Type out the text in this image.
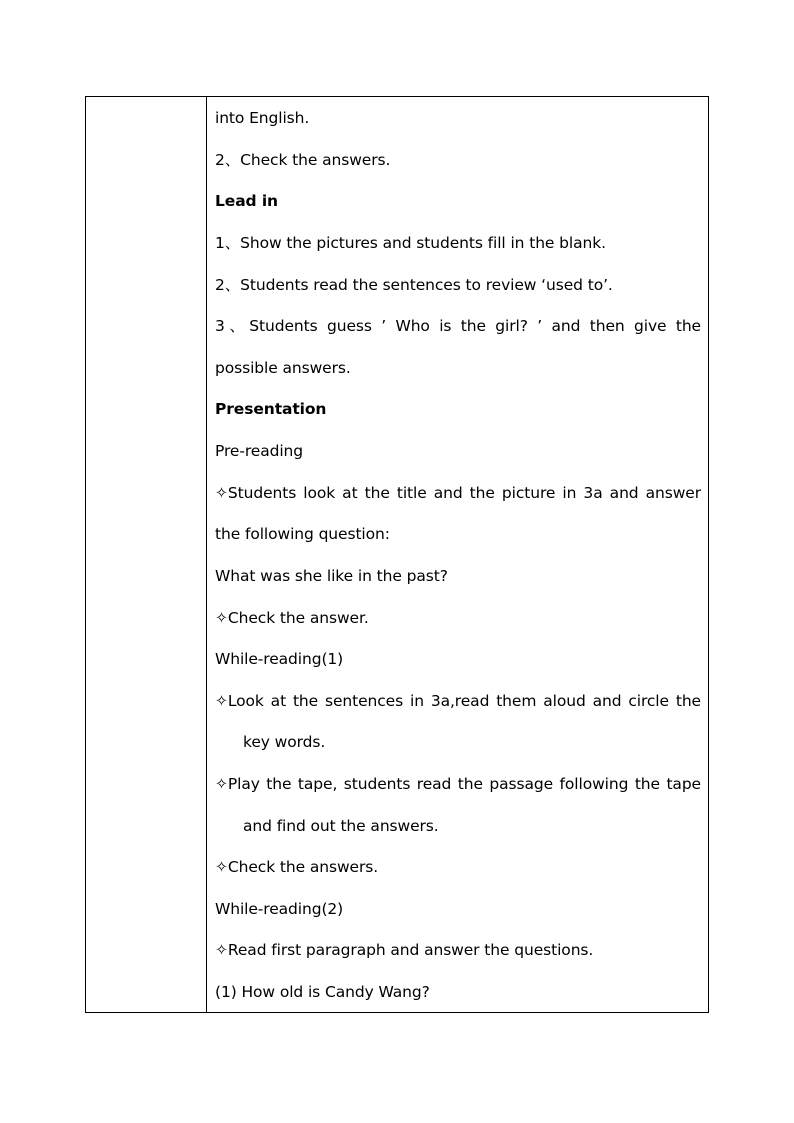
into English.
2、Check the answers.
Lead in
1、Show the pictures and students fill in the blank.
2、Students read the sentences to review ‘used to’.
3、Students guess ’ Who is the girl? ’ and then give the
possible answers.
Presentation
Pre-reading
✧Students look at the title and the picture in 3a and answer
the following question:
What was she like in the past?
✧Check the answer.
While-reading(1)
✧Look at the sentences in 3a,read them aloud and circle the
key words.
✧Play the tape, students read the passage following the tape
and find out the answers.
✧Check the answers.
While-reading(2)
✧Read first paragraph and answer the questions.
(1) How old is Candy Wang?
